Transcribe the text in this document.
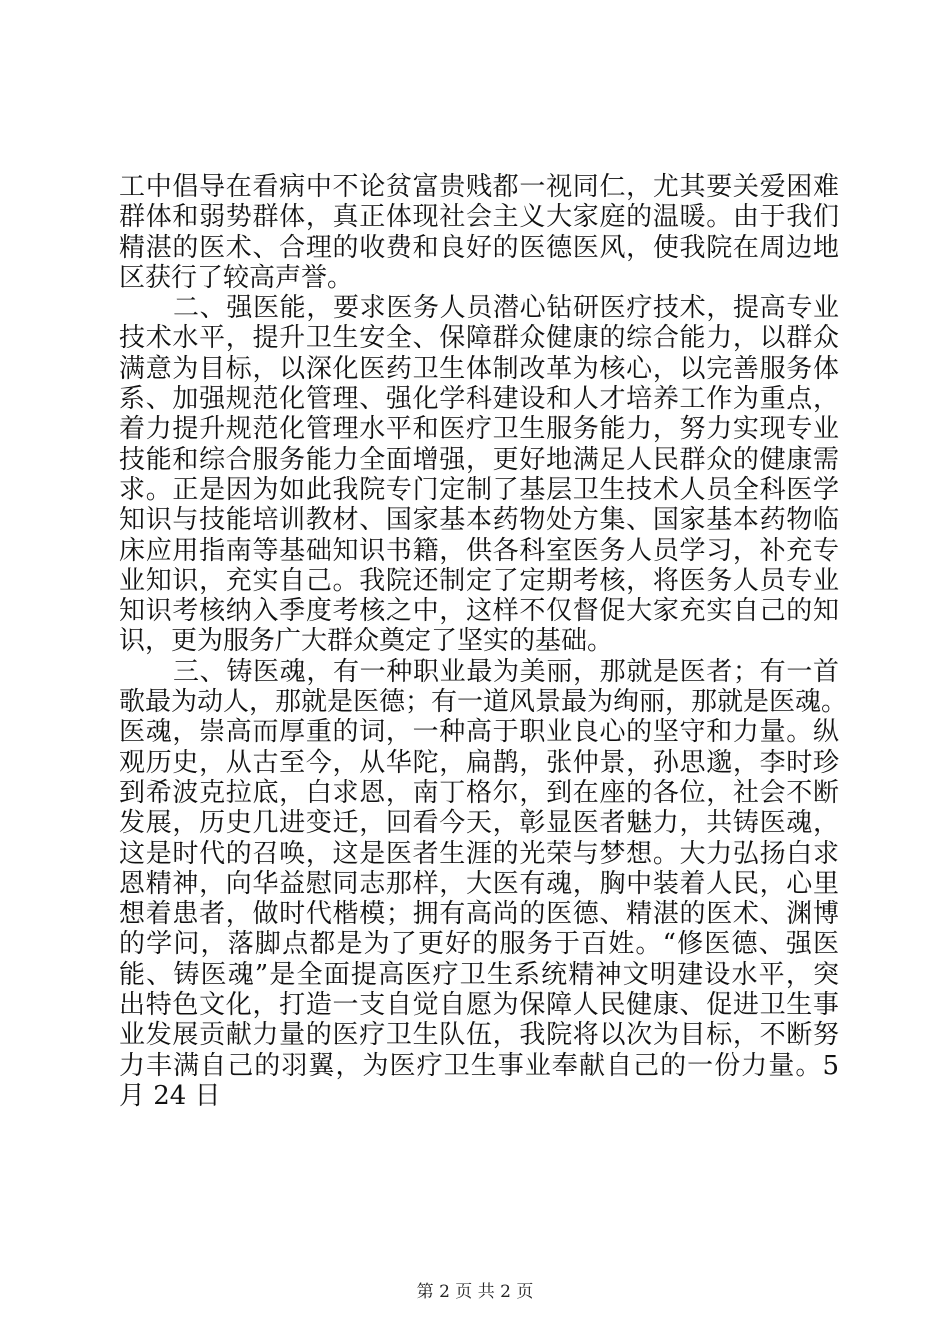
工中倡导在看病中不论贫富贵贱都一视同仁，尤其要关爱困难
群体和弱势群体，真正体现社会主义大家庭的温暖。由于我们
精湛的医术、合理的收费和良好的医德医风，使我院在周边地
区获行了较高声誉。
二、强医能，要求医务人员潜心钻研医疗技术，提高专业
技术水平，提升卫生安全、保障群众健康的综合能力，以群众
满意为目标，以深化医药卫生体制改革为核心，以完善服务体
系、加强规范化管理、强化学科建设和人才培养工作为重点，
着力提升规范化管理水平和医疗卫生服务能力，努力实现专业
技能和综合服务能力全面增强，更好地满足人民群众的健康需
求。正是因为如此我院专门定制了基层卫生技术人员全科医学
知识与技能培训教材、国家基本药物处方集、国家基本药物临
床应用指南等基础知识书籍，供各科室医务人员学习，补充专
业知识，充实自己。我院还制定了定期考核，将医务人员专业
知识考核纳入季度考核之中，这样不仅督促大家充实自己的知
识，更为服务广大群众奠定了坚实的基础。
三、铸医魂，有一种职业最为美丽，那就是医者；有一首
歌最为动人，那就是医德；有一道风景最为绚丽，那就是医魂。
医魂，崇高而厚重的词，一种高于职业良心的坚守和力量。纵
观历史，从古至今，从华陀，扁鹊，张仲景，孙思邈，李时珍
到希波克拉底，白求恩，南丁格尔，到在座的各位，社会不断
发展，历史几进变迁，回看今天，彰显医者魅力，共铸医魂，
这是时代的召唤，这是医者生涯的光荣与梦想。大力弘扬白求
恩精神，向华益慰同志那样，大医有魂，胸中装着人民，心里
想着患者，做时代楷模；拥有高尚的医德、精湛的医术、渊博
的学问，落脚点都是为了更好的服务于百姓。“修医德、强医
能、铸医魂”是全面提高医疗卫生系统精神文明建设水平，突
出特色文化，打造一支自觉自愿为保障人民健康、促进卫生事
业发展贡献力量的医疗卫生队伍，我院将以次为目标，不断努
力丰满自己的羽翼，为医疗卫生事业奉献自己的一份力量。5
月 24 日
第 2 页 共 2 页
